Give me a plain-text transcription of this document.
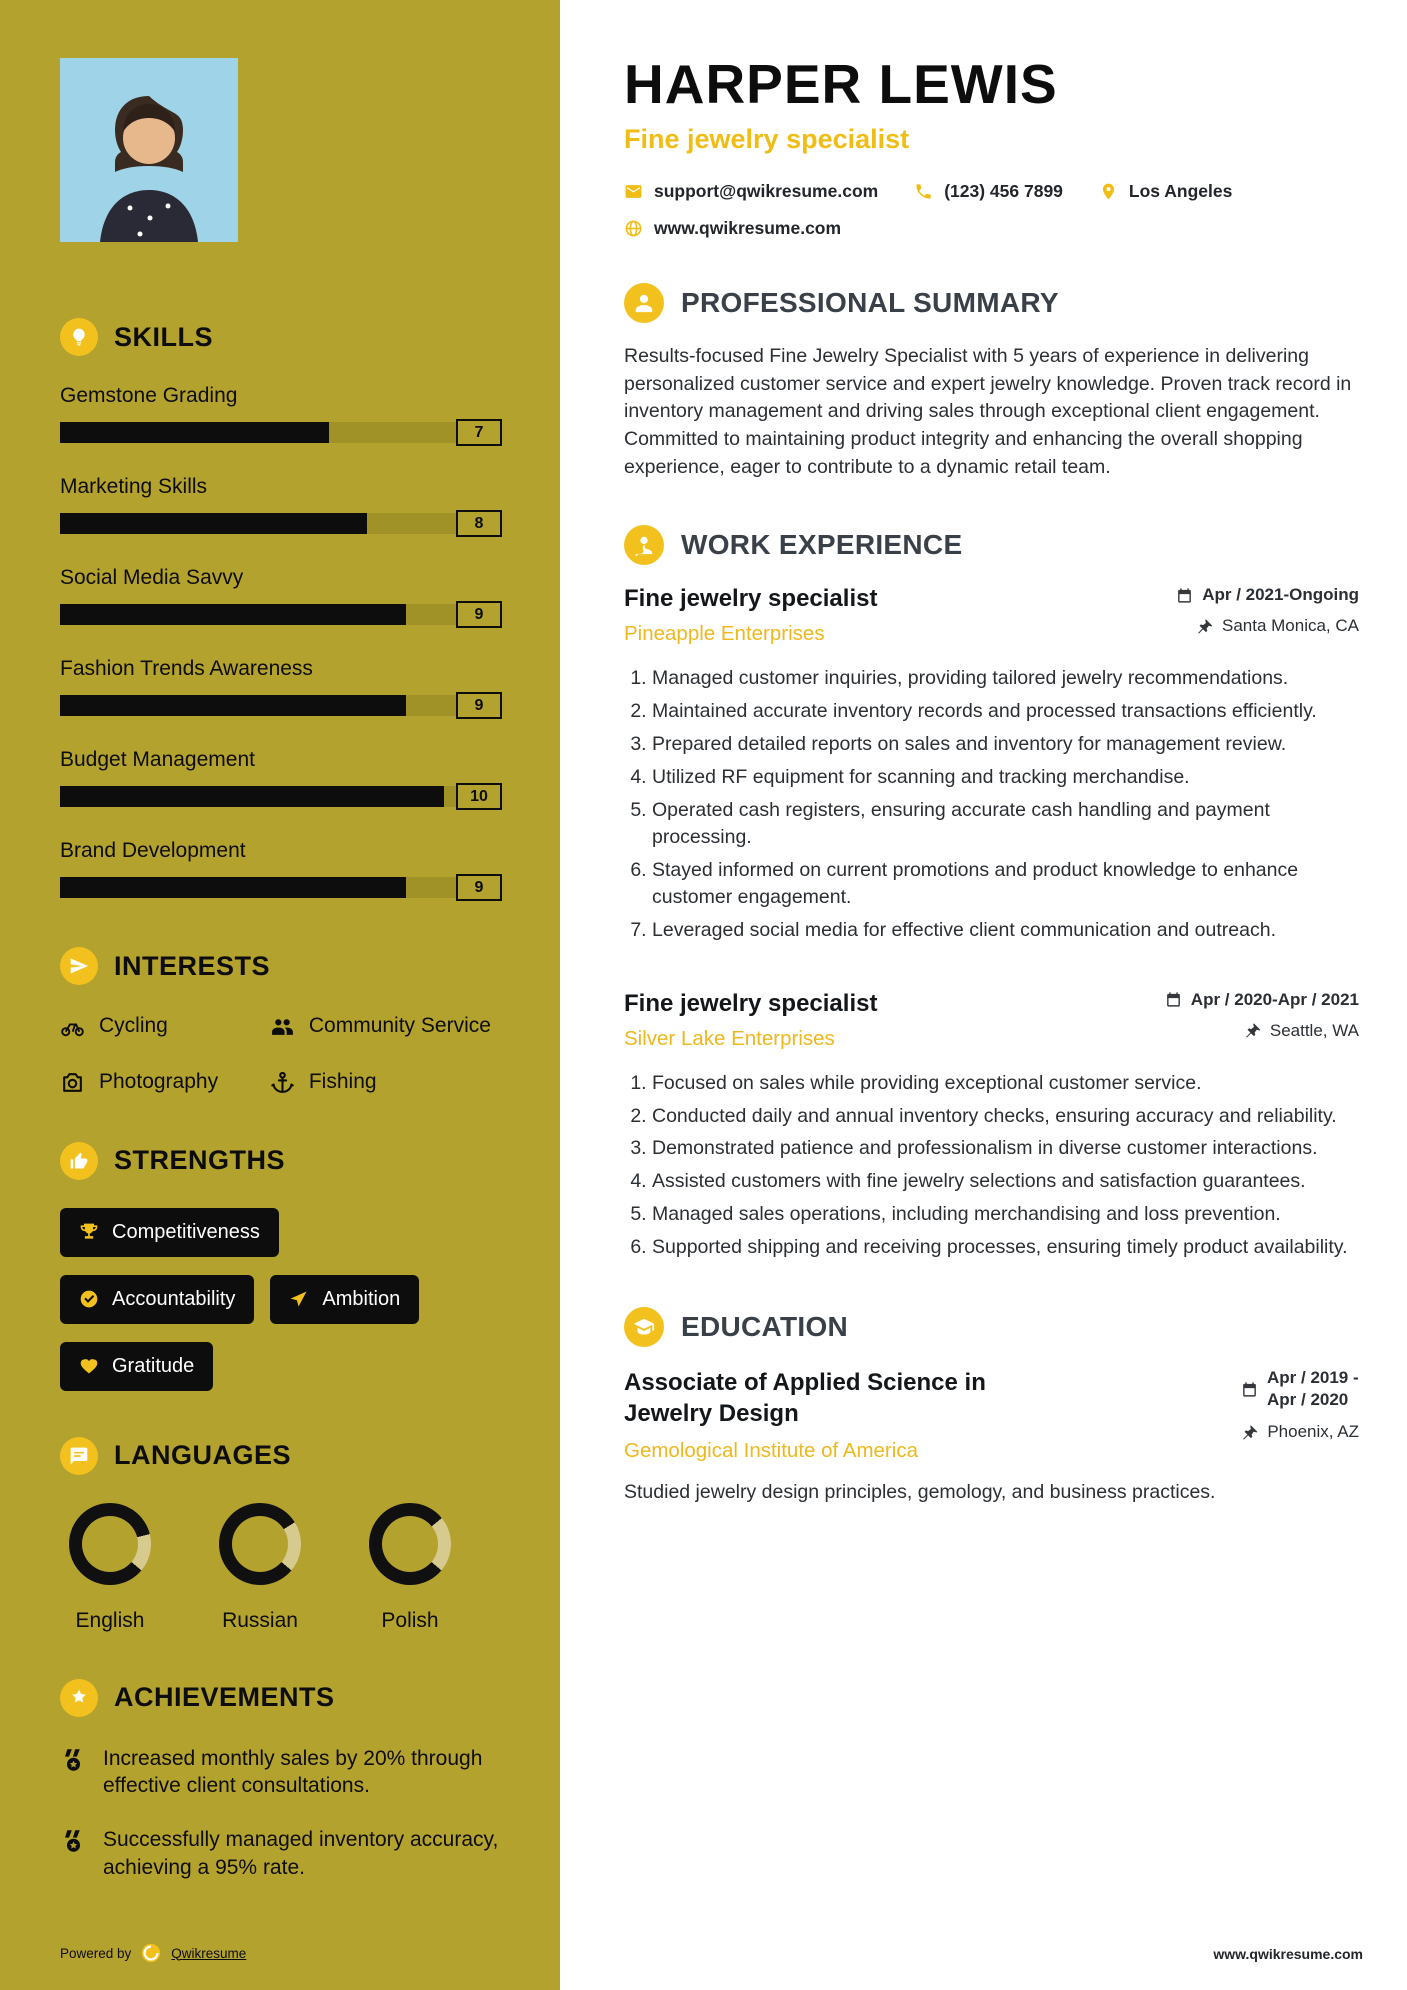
SKILLS
Gemstone Grading
7
Marketing Skills
8
Social Media Savvy
9
Fashion Trends Awareness
9
Budget Management
10
Brand Development
9
INTERESTS
Cycling	Community Service
Photography	Fishing
STRENGTHS
Competitiveness
Accountability	Ambition
Gratitude
LANGUAGES
English	Russian	Polish
ACHIEVEMENTS
Increased monthly sales by 20% through effective client consultations.
Successfully managed inventory accuracy, achieving a 95% rate.
Powered by	Qwikresume
HARPER LEWIS
Fine jewelry specialist
support@qwikresume.com	(123) 456 7899	Los Angeles
www.qwikresume.com
PROFESSIONAL SUMMARY

Results-focused Fine Jewelry Specialist with 5 years of experience in delivering personalized customer service and expert jewelry knowledge. Proven track record in inventory management and driving sales through exceptional client engagement. Committed to maintaining product integrity and enhancing the overall shopping experience, eager to contribute to a dynamic retail team.

WORK EXPERIENCE
Fine jewelry specialist
Pineapple Enterprises
Apr / 2021-Ongoing
Santa Monica, CA
1. Managed customer inquiries, providing tailored jewelry recommendations.
2. Maintained accurate inventory records and processed transactions efficiently.
3. Prepared detailed reports on sales and inventory for management review.
4. Utilized RF equipment for scanning and tracking merchandise.
5. Operated cash registers, ensuring accurate cash handling and payment processing.
6. Stayed informed on current promotions and product knowledge to enhance customer engagement.
7. Leveraged social media for effective client communication and outreach.
Fine jewelry specialist
Silver Lake Enterprises
Apr / 2020-Apr / 2021
Seattle, WA
1. Focused on sales while providing exceptional customer service.
2. Conducted daily and annual inventory checks, ensuring accuracy and reliability.
3. Demonstrated patience and professionalism in diverse customer interactions.
4. Assisted customers with fine jewelry selections and satisfaction guarantees.
5. Managed sales operations, including merchandising and loss prevention.
6. Supported shipping and receiving processes, ensuring timely product availability.
EDUCATION
Associate of Applied Science in Jewelry Design
Gemological Institute of America
Apr / 2019 - Apr / 2020
Phoenix, AZ

Studied jewelry design principles, gemology, and business practices.

www.qwikresume.com
